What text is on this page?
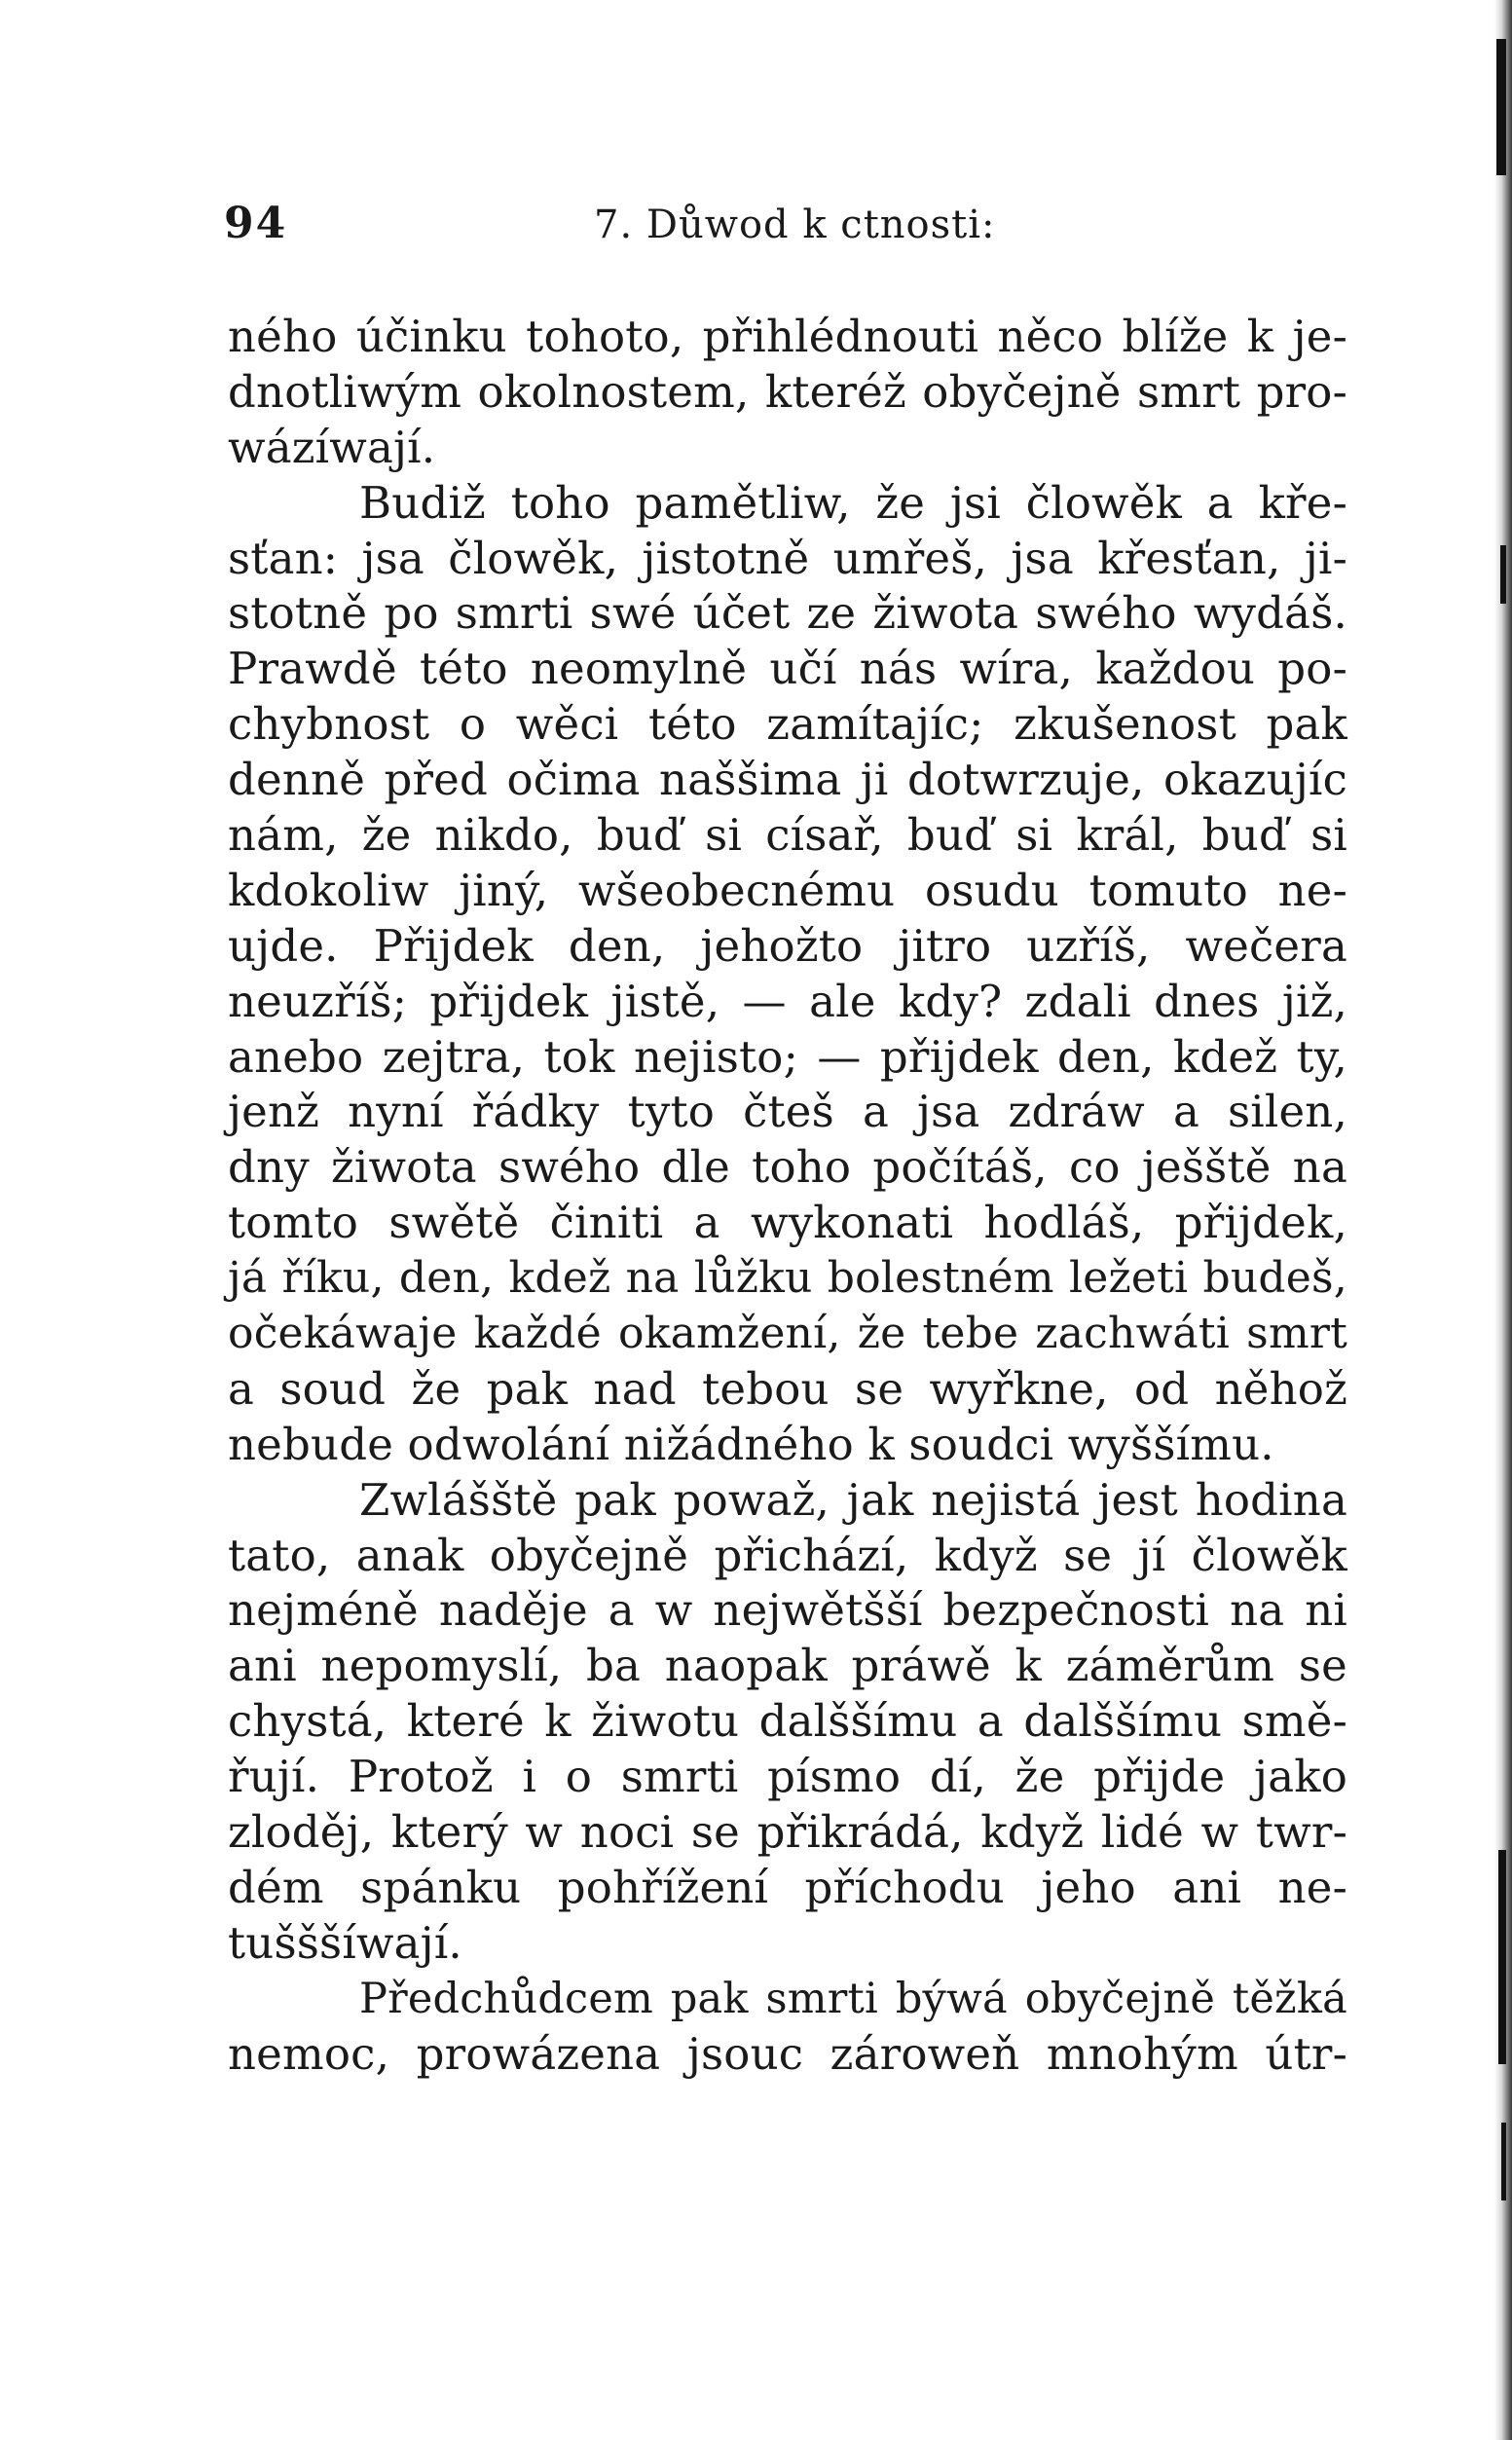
94	7. Důwod k ctnosti:
ného účinku tohoto, přihlédnouti něco blíže k je-
dnotliwým okolnostem, kteréž obyčejně smrt pro-
wázíwají.
Budiž toho pamětliw, že jsi člowěk a kře-
sťan: jsa člowěk, jistotně umřeš, jsa křesťan, ji-
stotně po smrti swé účet ze žiwota swého wydáš.
Prawdě této neomylně učí nás wíra, každou po-
chybnost o wěci této zamítajíc; zkušenost pak
denně před očima naššima ji dotwrzuje, okazujíc
nám, že nikdo, buď si císař, buď si král, buď si
kdokoliw jiný, wšeobecnému osudu tomuto ne-
ujde. Přijdek den, jehožto jitro uzříš, wečera
neuzříš; přijdek jistě, — ale kdy? zdali dnes již,
anebo zejtra, tok nejisto; — přijdek den, kdež ty,
jenž nyní řádky tyto čteš a jsa zdráw a silen,
dny žiwota swého dle toho počítáš, co ješště na
tomto swětě činiti a wykonati hodláš, přijdek,
já říku, den, kdež na lůžku bolestném ležeti budeš,
očekáwaje každé okamžení, že tebe zachwáti smrt
a soud že pak nad tebou se wyřkne, od něhož
nebude odwolání nižádného k soudci wyššímu.
Zwlášště pak powaž, jak nejistá jest hodina
tato, anak obyčejně přichází, když se jí člowěk
nejméně naděje a w nejwětšší bezpečnosti na ni
ani nepomyslí, ba naopak práwě k záměrům se
chystá, které k žiwotu dalššímu a dalššímu smě-
řují. Protož i o smrti písmo dí, že přijde jako
zloděj, který w noci se přikrádá, když lidé w twr-
dém spánku pohřížení příchodu jeho ani ne-
tušššíwají.
Předchůdcem pak smrti býwá obyčejně těžká
nemoc, prowázena jsouc zároweň mnohým útr-
